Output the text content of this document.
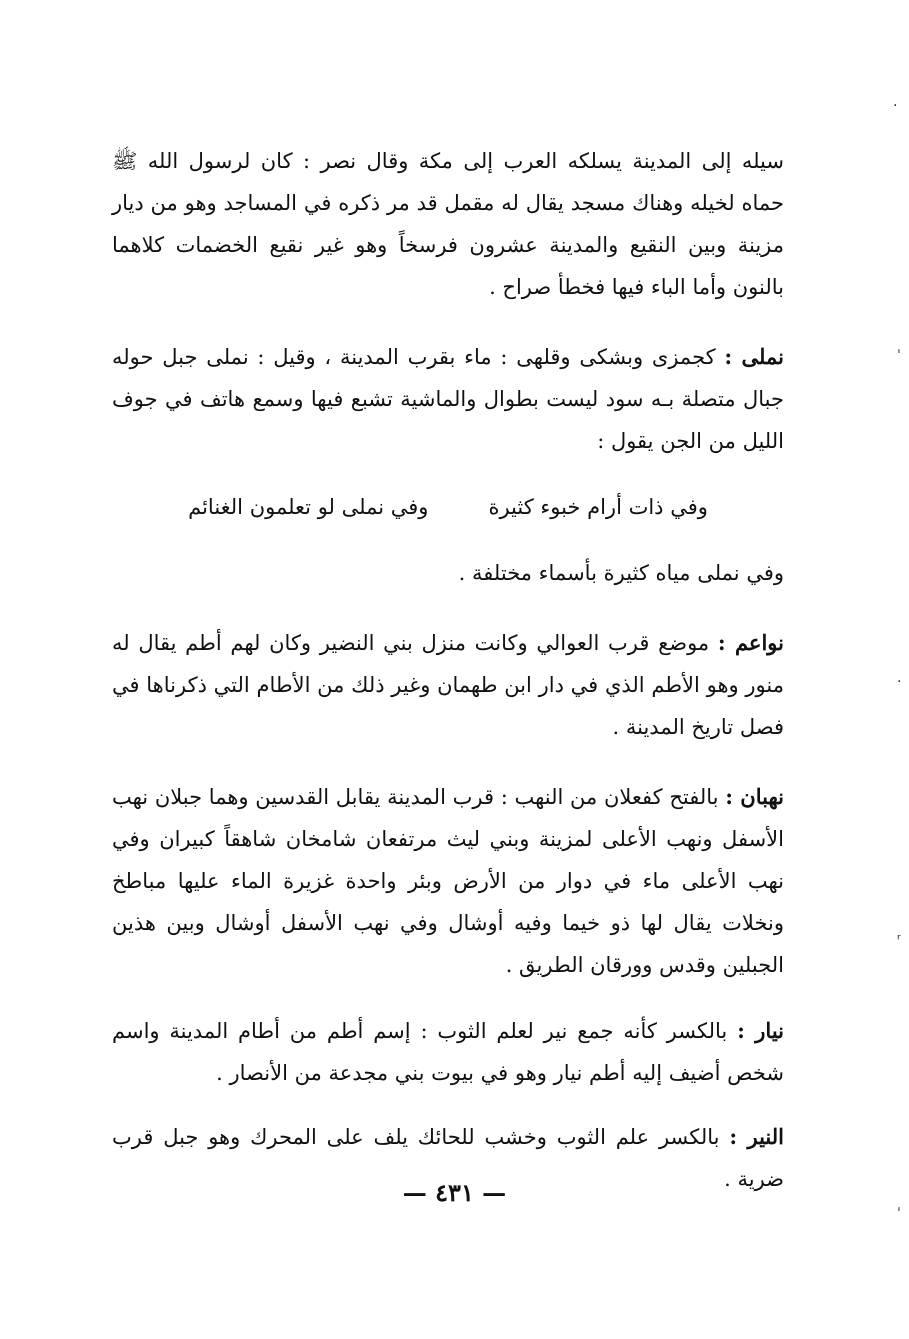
سيله إلى المدينة يسلكه العرب إلى مكة وقال نصر : كان لرسول الله ﷺ حماه لخيله وهناك مسجد يقال له مقمل قد مر ذكره في المساجد وهو من ديار مزينة وبين النقيع والمدينة عشرون فرسخاً وهو غير نقيع الخضمات كلاهما بالنون وأما الباء فيها فخطأ صراح .

نملى : كجمزى وبشكى وقلهى : ماء بقرب المدينة ، وقيل : نملى جبل حوله جبال متصلة بـه سود ليست بطوال والماشية تشبع فيها وسمع هاتف في جوف الليل من الجن يقول :

وفي ذات أرام خبوء كثيرة
وفي نملى لو تعلمون الغنائم

وفي نملى مياه كثيرة بأسماء مختلفة .

نواعم : موضع قرب العوالي وكانت منزل بني النضير وكان لهم أطم يقال له منور وهو الأطم الذي في دار ابن طهمان وغير ذلك من الأطام التي ذكرناها في فصل تاريخ المدينة .

نهبان : بالفتح كفعلان من النهب : قرب المدينة يقابل القدسين وهما جبلان نهب الأسفل ونهب الأعلى لمزينة وبني ليث مرتفعان شامخان شاهقاً كبيران وفي نهب الأعلى ماء في دوار من الأرض وبئر واحدة غزيرة الماء عليها مباطخ ونخلات يقال لها ذو خيما وفيه أوشال وفي نهب الأسفل أوشال وبين هذين الجبلين وقدس وورقان الطريق .

نيار : بالكسر كأنه جمع نير لعلم الثوب : إسم أطم من أطام المدينة واسم شخص أضيف إليه أطم نيار وهو في بيوت بني مجدعة من الأنصار .

النير : بالكسر علم الثوب وخشب للحائك يلف على المحرك وهو جبل قرب ضرية .

— ٤٣١ —
·
ˈ
·
ʳ
ˈ
